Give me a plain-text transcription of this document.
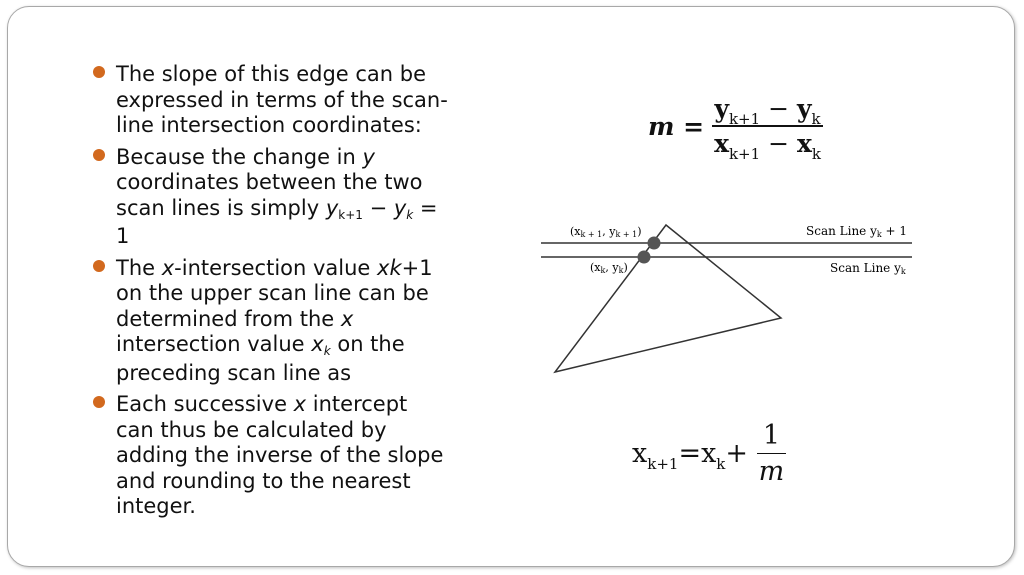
The slope of this edge can be expressed in terms of the scan-line intersection coordinates:
Because the change in y coordinates between the two scan lines is simply yk+1 − yk = 1
The x-intersection value xk+1 on the upper scan line can be determined from the x intersection value xk on the preceding scan line as
Each successive x intercept can thus be calculated by adding the inverse of the slope and rounding to the nearest integer.
$m = \frac{y_{k+1} - y_k}{x_{k+1} - x_k}$
(xk + 1, yk + 1)
(xk, yk)
Scan Line yk + 1
Scan Line yk
$x_{k+1}=x_k+ \frac{1}{m}$
